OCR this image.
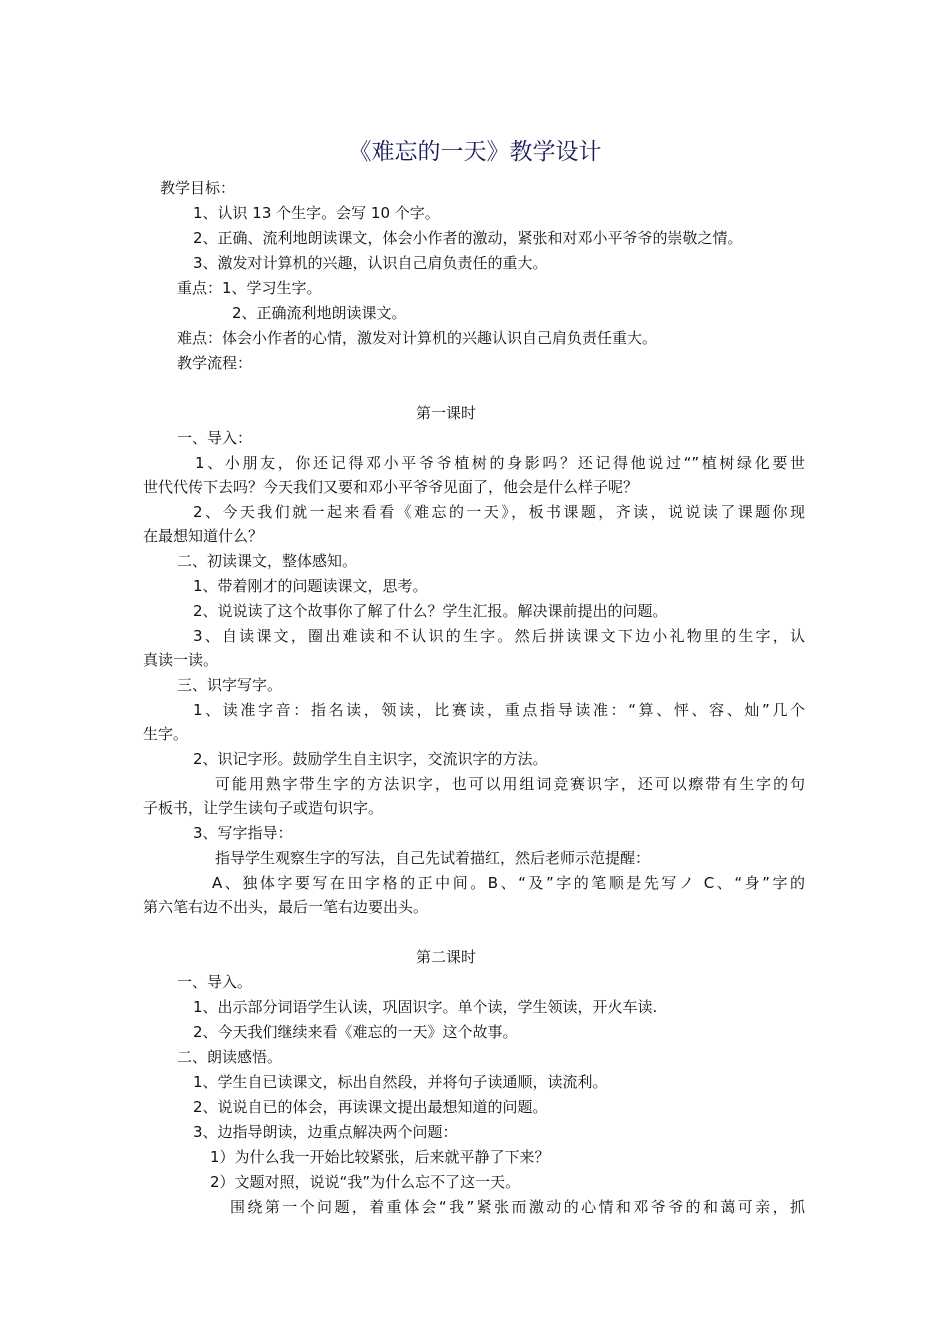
《难忘的一天》教学设计
教学目标：
1、认识 13 个生字。会写 10 个字。
2、正确、流利地朗读课文，体会小作者的激动，紧张和对邓小平爷爷的崇敬之情。
3、激发对计算机的兴趣，认识自己肩负责任的重大。
重点：1、学习生字。
2、正确流利地朗读课文。
难点：体会小作者的心情，激发对计算机的兴趣认识自己肩负责任重大。
教学流程：
第一课时
一、导入：
1、小朋友，你还记得邓小平爷爷植树的身影吗？还记得他说过“”植树绿化要世
世代代传下去吗？今天我们又要和邓小平爷爷见面了，他会是什么样子呢？
2、今天我们就一起来看看《难忘的一天》，板书课题，齐读，说说读了课题你现
在最想知道什么？
二、初读课文，整体感知。
1、带着刚才的问题读课文，思考。
2、说说读了这个故事你了解了什么？学生汇报。解决课前提出的问题。
3、自读课文，圈出难读和不认识的生字。然后拼读课文下边小礼物里的生字，认
真读一读。
三、识字写字。
1、读准字音：指名读，领读，比赛读，重点指导读准：“算、怦、容、灿”几个
生字。
2、识记字形。鼓励学生自主识字，交流识字的方法。
可能用熟字带生字的方法识字，也可以用组词竞赛识字，还可以瘵带有生字的句
子板书，让学生读句子或造句识字。
3、写字指导：
指导学生观察生字的写法，自己先试着描红，然后老师示范提醒：
A、独体字要写在田字格的正中间。B、“及”字的笔顺是先写ノ C、“身”字的
第六笔右边不出头，最后一笔右边要出头。
第二课时
一、导入。
1、出示部分词语学生认读，巩固识字。单个读，学生领读，开火车读.
2、今天我们继续来看《难忘的一天》这个故事。
二、朗读感悟。
1、学生自已读课文，标出自然段，并将句子读通顺，读流利。
2、说说自已的体会，再读课文提出最想知道的问题。
3、边指导朗读，边重点解决两个问题：
1）为什么我一开始比较紧张，后来就平静了下来？
2）文题对照，说说“我”为什么忘不了这一天。
围绕第一个问题，着重体会“我”紧张而激动的心情和邓爷爷的和蔼可亲，抓
